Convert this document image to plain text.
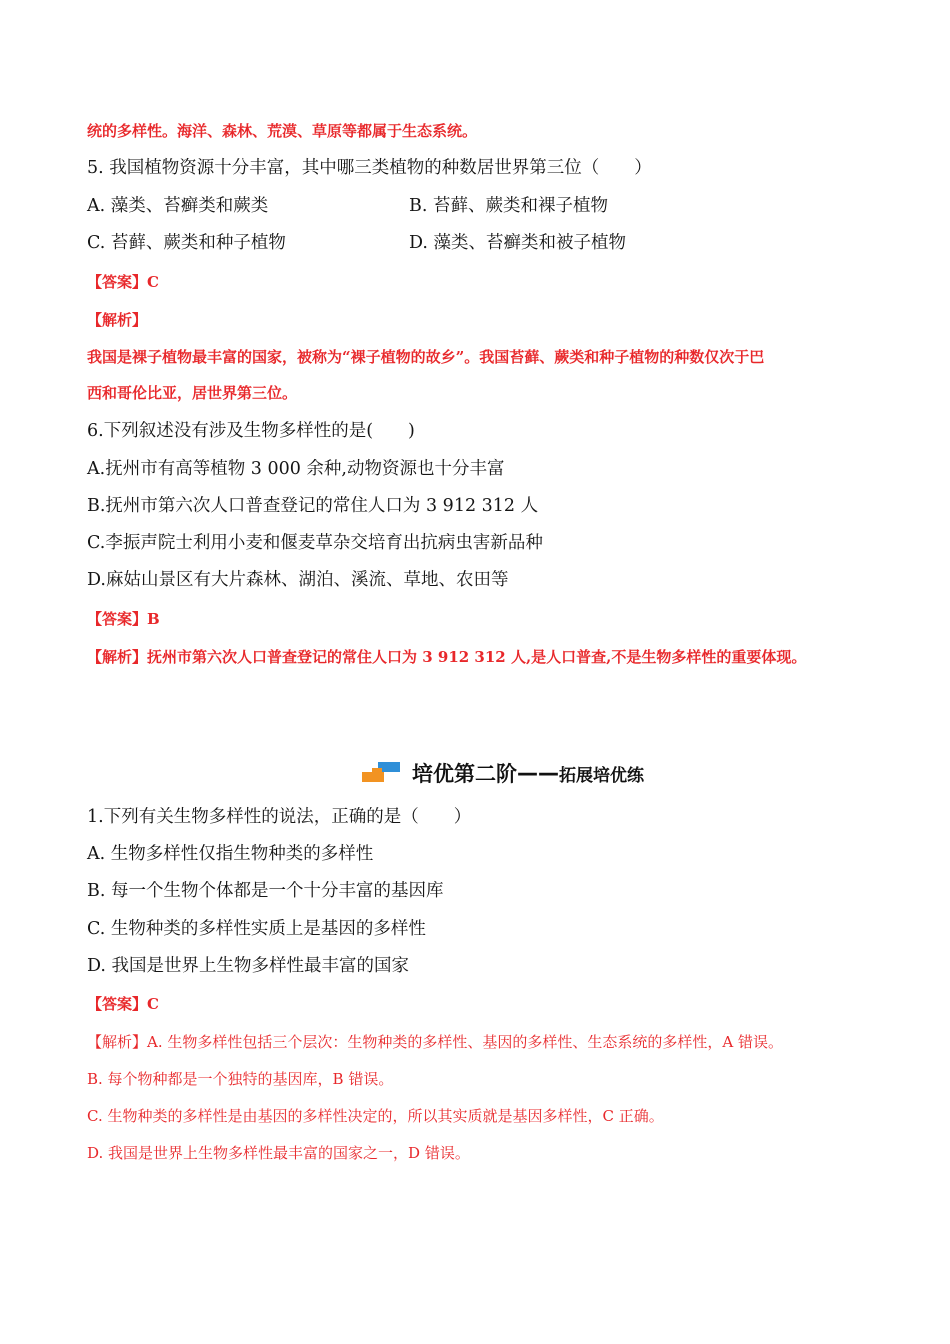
统的多样性。海洋、森林、荒漠、草原等都属于生态系统。
5. 我国植物资源十分丰富，其中哪三类植物的种数居世界第三位（　　）
A. 藻类、苔癣类和蕨类	B. 苔藓、蕨类和裸子植物
C. 苔藓、蕨类和种子植物	D. 藻类、苔癣类和被子植物
【答案】C
【解析】
我国是裸子植物最丰富的国家，被称为“裸子植物的故乡”。我国苔藓、蕨类和种子植物的种数仅次于巴
西和哥伦比亚，居世界第三位。
6.下列叙述没有涉及生物多样性的是(　　)
A.抚州市有高等植物 3 000 余种,动物资源也十分丰富
B.抚州市第六次人口普查登记的常住人口为 3 912 312 人
C.李振声院士利用小麦和偃麦草杂交培育出抗病虫害新品种
D.麻姑山景区有大片森林、湖泊、溪流、草地、农田等
【答案】B
【解析】抚州市第六次人口普查登记的常住人口为 3 912 312 人,是人口普查,不是生物多样性的重要体现。
培优第二阶 —— 拓展培优练
1.下列有关生物多样性的说法，正确的是（　　）
A. 生物多样性仅指生物种类的多样性
B. 每一个生物个体都是一个十分丰富的基因库
C. 生物种类的多样性实质上是基因的多样性
D. 我国是世界上生物多样性最丰富的国家
【答案】C
【解析】A. 生物多样性包括三个层次：生物种类的多样性、基因的多样性、生态系统的多样性，A 错误。
B. 每个物种都是一个独特的基因库，B 错误。
C. 生物种类的多样性是由基因的多样性决定的，所以其实质就是基因多样性，C 正确。
D. 我国是世界上生物多样性最丰富的国家之一，D 错误。
